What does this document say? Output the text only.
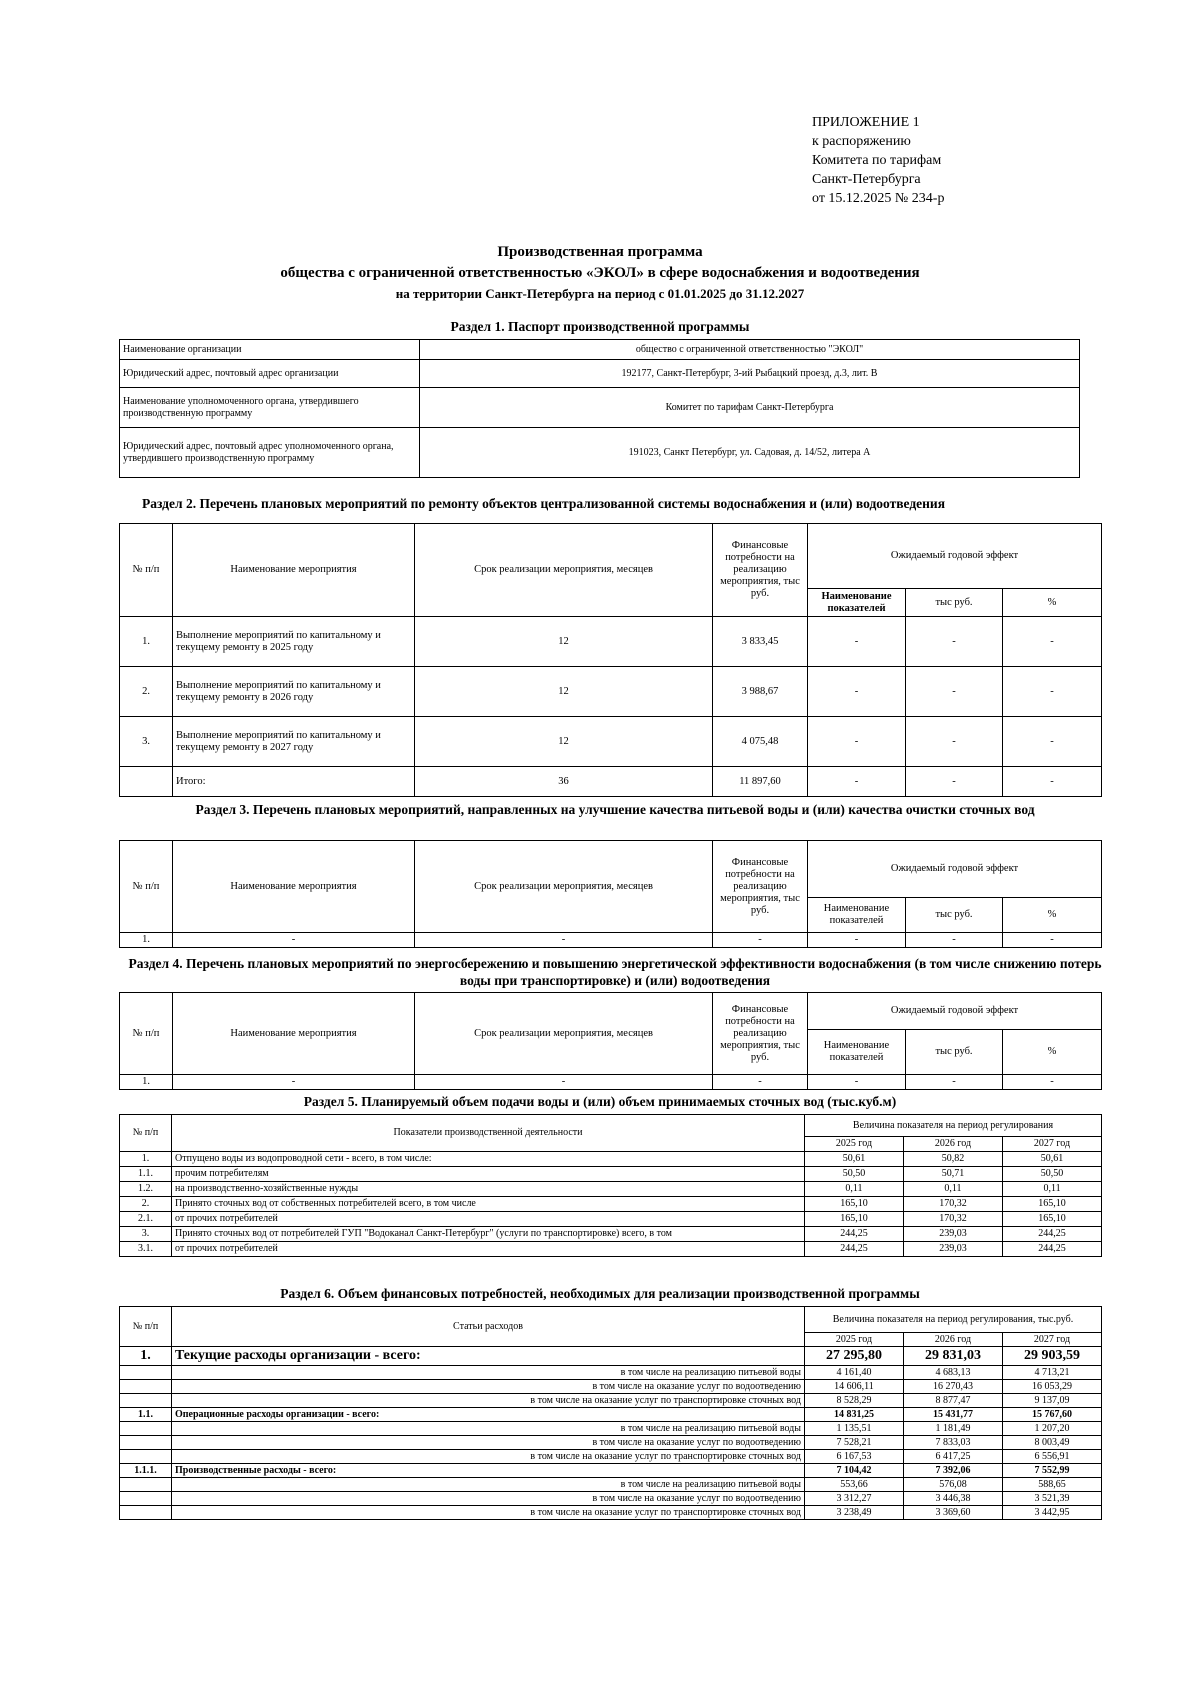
ПРИЛОЖЕНИЕ 1
к распоряжению
Комитета по тарифам
Санкт-Петербурга
от 15.12.2025 № 234-р
Производственная программа
общества с ограниченной ответственностью «ЭКОЛ» в сфере водоснабжения и водоотведения
на территории Санкт-Петербурга на период с 01.01.2025 до 31.12.2027
Раздел 1. Паспорт производственной программы
Наименование организации	общество с ограниченной ответственностью "ЭКОЛ"
Юридический адрес, почтовый адрес организации	192177, Санкт-Петербург, 3-ий Рыбацкий проезд, д.3, лит. В
Наименование уполномоченного органа, утвердившего производственную программу	Комитет по тарифам Санкт-Петербурга
Юридический адрес, почтовый адрес уполномоченного органа, утвердившего производственную программу	191023, Санкт Петербург, ул. Садовая, д. 14/52, литера А
Раздел 2. Перечень плановых мероприятий по ремонту объектов централизованной системы водоснабжения и (или) водоотведения
№ п/п	Наименование мероприятия	Срок реализации мероприятия, месяцев	Финансовые потребности на реализацию мероприятия, тыс руб.	Ожидаемый годовой эффект		
				Наименование показателей	тыс руб.	%
1.	Выполнение мероприятий по капитальному и текущему ремонту в 2025 году	12	3 833,45	-	-	-
2.	Выполнение мероприятий по капитальному и текущему ремонту в 2026 году	12	3 988,67	-	-	-
3.	Выполнение мероприятий по капитальному и текущему ремонту в 2027 году	12	4 075,48	-	-	-
	Итого:	36	11 897,60	-	-	-
Раздел 3. Перечень плановых мероприятий, направленных на улучшение качества питьевой воды и (или) качества очистки сточных вод
№ п/п	Наименование мероприятия	Срок реализации мероприятия, месяцев	Финансовые потребности на реализацию мероприятия, тыс руб.	Ожидаемый годовой эффект		
				Наименование показателей	тыс руб.	%
1.	-	-	-	-	-	-
Раздел 4. Перечень плановых мероприятий по энергосбережению и повышению энергетической эффективности водоснабжения (в том числе снижению потерь воды при транспортировке) и (или) водоотведения
№ п/п	Наименование мероприятия	Срок реализации мероприятия, месяцев	Финансовые потребности на реализацию мероприятия, тыс руб.	Ожидаемый годовой эффект		
				Наименование показателей	тыс руб.	%
1.	-	-	-	-	-	-
Раздел 5. Планируемый объем подачи воды и (или) объем принимаемых сточных вод (тыс.куб.м)
№ п/п	Показатели производственной деятельности	Величина показателя на период регулирования		
		2025 год	2026 год	2027 год
1.	Отпущено воды из водопроводной сети - всего, в том числе:	50,61	50,82	50,61
1.1.	прочим потребителям	50,50	50,71	50,50
1.2.	на производственно-хозяйственные нужды	0,11	0,11	0,11
2.	Принято сточных вод от собственных потребителей всего, в том числе	165,10	170,32	165,10
2.1.	от прочих потребителей	165,10	170,32	165,10
3.	Принято сточных вод от потребителей ГУП "Водоканал Санкт-Петербург" (услуги по транспортировке) всего, в том	244,25	239,03	244,25
3.1.	от прочих потребителей	244,25	239,03	244,25
Раздел 6. Объем финансовых потребностей, необходимых для реализации производственной программы
№ п/п	Статьи расходов	Величина показателя на период регулирования, тыс.руб.		
		2025 год	2026 год	2027 год
1.	Текущие расходы организации - всего:	27 295,80	29 831,03	29 903,59
	в том числе на реализацию питьевой воды	4 161,40	4 683,13	4 713,21
	в том числе на оказание услуг по водоотведению	14 606,11	16 270,43	16 053,29
	в том числе на оказание услуг по транспортировке сточных вод	8 528,29	8 877,47	9 137,09
1.1.	Операционные расходы организации - всего:	14 831,25	15 431,77	15 767,60
	в том числе на реализацию питьевой воды	1 135,51	1 181,49	1 207,20
	в том числе на оказание услуг по водоотведению	7 528,21	7 833,03	8 003,49
	в том числе на оказание услуг по транспортировке сточных вод	6 167,53	6 417,25	6 556,91
1.1.1.	Производственные расходы - всего:	7 104,42	7 392,06	7 552,99
	в том числе на реализацию питьевой воды	553,66	576,08	588,65
	в том числе на оказание услуг по водоотведению	3 312,27	3 446,38	3 521,39
	в том числе на оказание услуг по транспортировке сточных вод	3 238,49	3 369,60	3 442,95
